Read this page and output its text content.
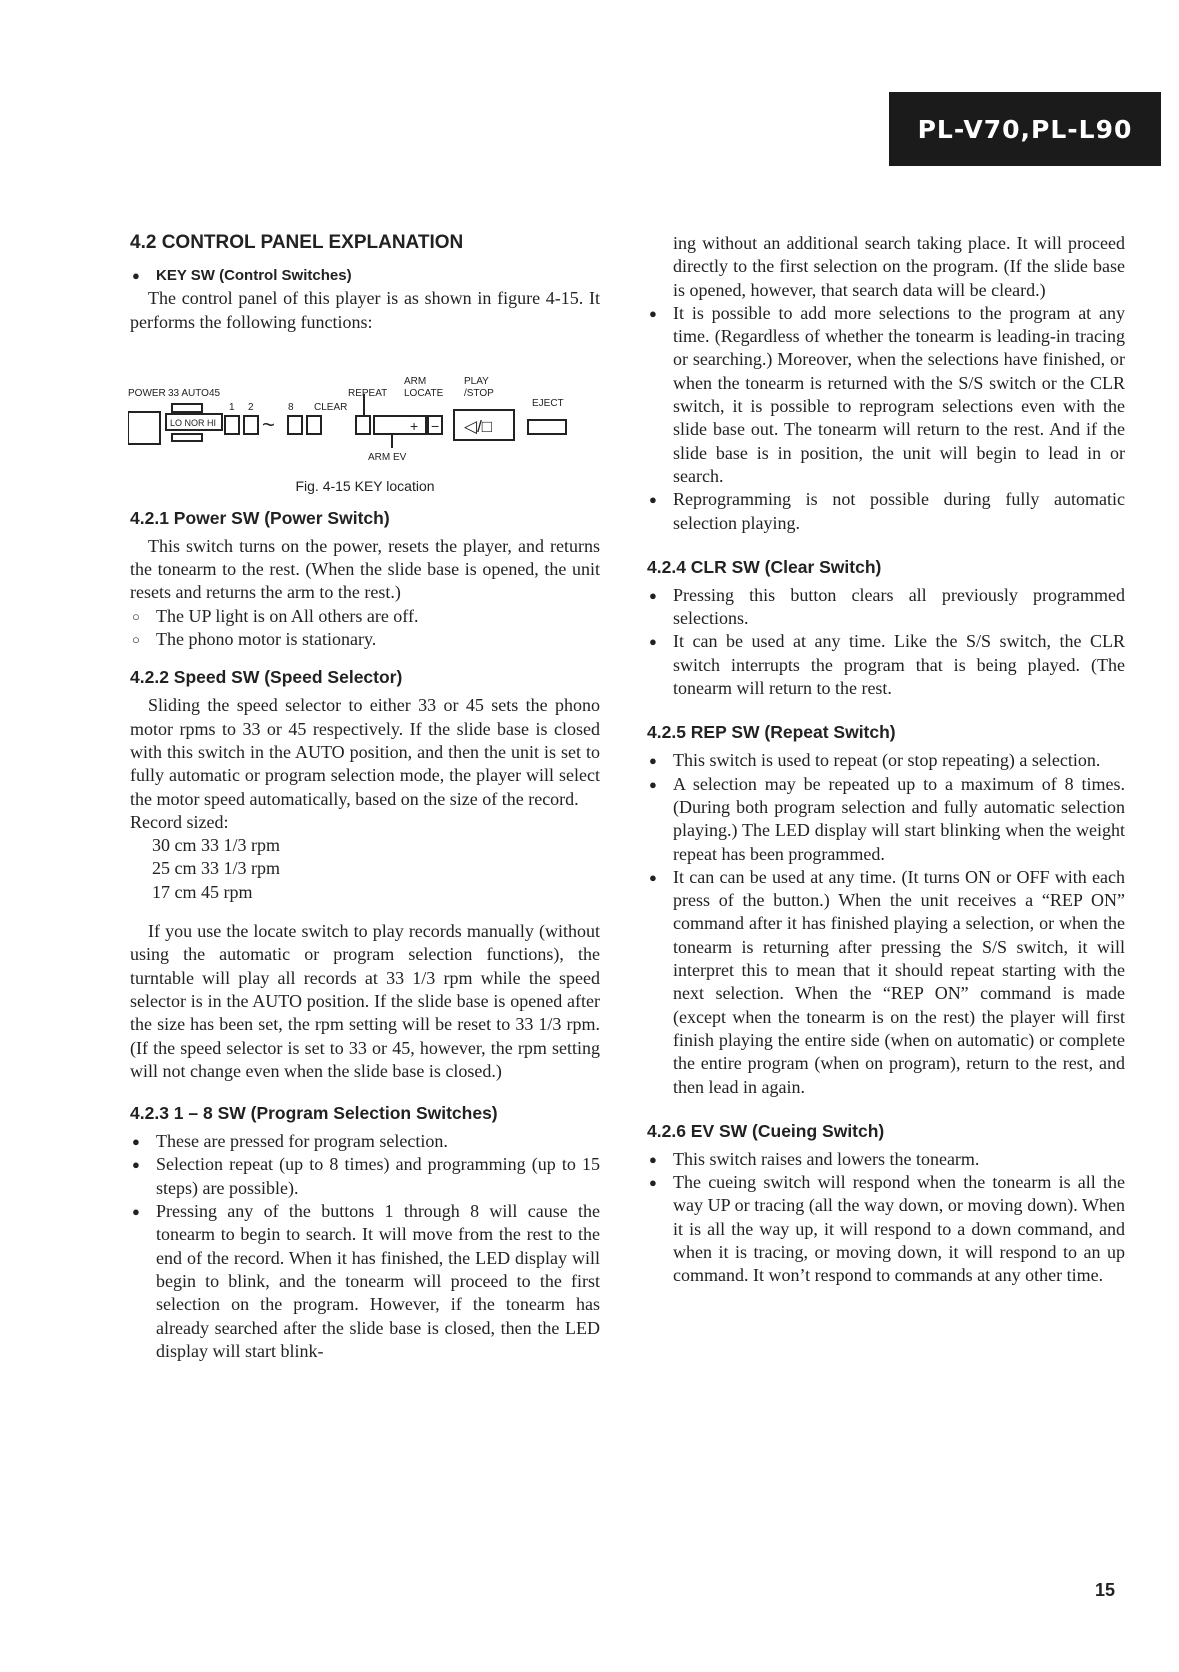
PL-V70,PL-L90
4.2 CONTROL PANEL EXPLANATION
● KEY SW (Control Switches)

The control panel of this player is as shown in figure 4-15. It performs the following functions:

POWER 33 AUTO45
LO NOR HI
1 2	8 CLEAR
REPEAT
ARM
LOCATE
PLAY
/STOP
EJECT
ARM EV
~	+ − ◁/□
Fig. 4-15 KEY location
4.2.1 Power SW (Power Switch)

This switch turns on the power, resets the player, and returns the tonearm to the rest. (When the slide base is opened, the unit resets and returns the arm to the rest.)

○ The UP light is on All others are off.
○ The phono motor is stationary.
4.2.2 Speed SW (Speed Selector)

Sliding the speed selector to either 33 or 45 sets the phono motor rpms to 33 or 45 respectively. If the slide base is closed with this switch in the AUTO position, and then the unit is set to fully automatic or program selection mode, the player will select the motor speed automatically, based on the size of the record.

Record sized:

30 cm 33 1/3 rpm
25 cm 33 1/3 rpm
17 cm 45 rpm

If you use the locate switch to play records manually (without using the automatic or program selection functions), the turntable will play all records at 33 1/3 rpm while the speed selector is in the AUTO position. If the slide base is opened after the size has been set, the rpm setting will be reset to 33 1/3 rpm. (If the speed selector is set to 33 or 45, however, the rpm setting will not change even when the slide base is closed.)

4.2.3 1 – 8 SW (Program Selection Switches)
● These are pressed for program selection.
● Selection repeat (up to 8 times) and programming (up to 15 steps) are possible).
● Pressing any of the buttons 1 through 8 will cause the tonearm to begin to search. It will move from the rest to the end of the record. When it has finished, the LED display will begin to blink, and the tonearm will proceed to the first selection on the program. However, if the tonearm has already searched after the slide base is closed, then the LED display will start blink-

ing without an additional search taking place. It will proceed directly to the first selection on the program. (If the slide base is opened, however, that search data will be cleard.)

● It is possible to add more selections to the program at any time. (Regardless of whether the tonearm is leading-in tracing or searching.) Moreover, when the selections have finished, or when the tonearm is returned with the S/S switch or the CLR switch, it is possible to reprogram selections even with the slide base out. The tonearm will return to the rest. And if the slide base is in position, the unit will begin to lead in or search.
● Reprogramming is not possible during fully automatic selection playing.
4.2.4 CLR SW (Clear Switch)
● Pressing this button clears all previously programmed selections.
● It can be used at any time. Like the S/S switch, the CLR switch interrupts the program that is being played. (The tonearm will return to the rest.
4.2.5 REP SW (Repeat Switch)
● This switch is used to repeat (or stop repeating) a selection.
● A selection may be repeated up to a maximum of 8 times. (During both program selection and fully automatic selection playing.) The LED display will start blinking when the weight repeat has been programmed.
● It can can be used at any time. (It turns ON or OFF with each press of the button.) When the unit receives a “REP ON” command after it has finished playing a selection, or when the tonearm is returning after pressing the S/S switch, it will interpret this to mean that it should repeat starting with the next selection. When the “REP ON” command is made (except when the tonearm is on the rest) the player will first finish playing the entire side (when on automatic) or complete the entire program (when on program), return to the rest, and then lead in again.
4.2.6 EV SW (Cueing Switch)
● This switch raises and lowers the tonearm.
● The cueing switch will respond when the tonearm is all the way UP or tracing (all the way down, or moving down). When it is all the way up, it will respond to a down command, and when it is tracing, or moving down, it will respond to an up command. It won’t respond to commands at any other time.
15
